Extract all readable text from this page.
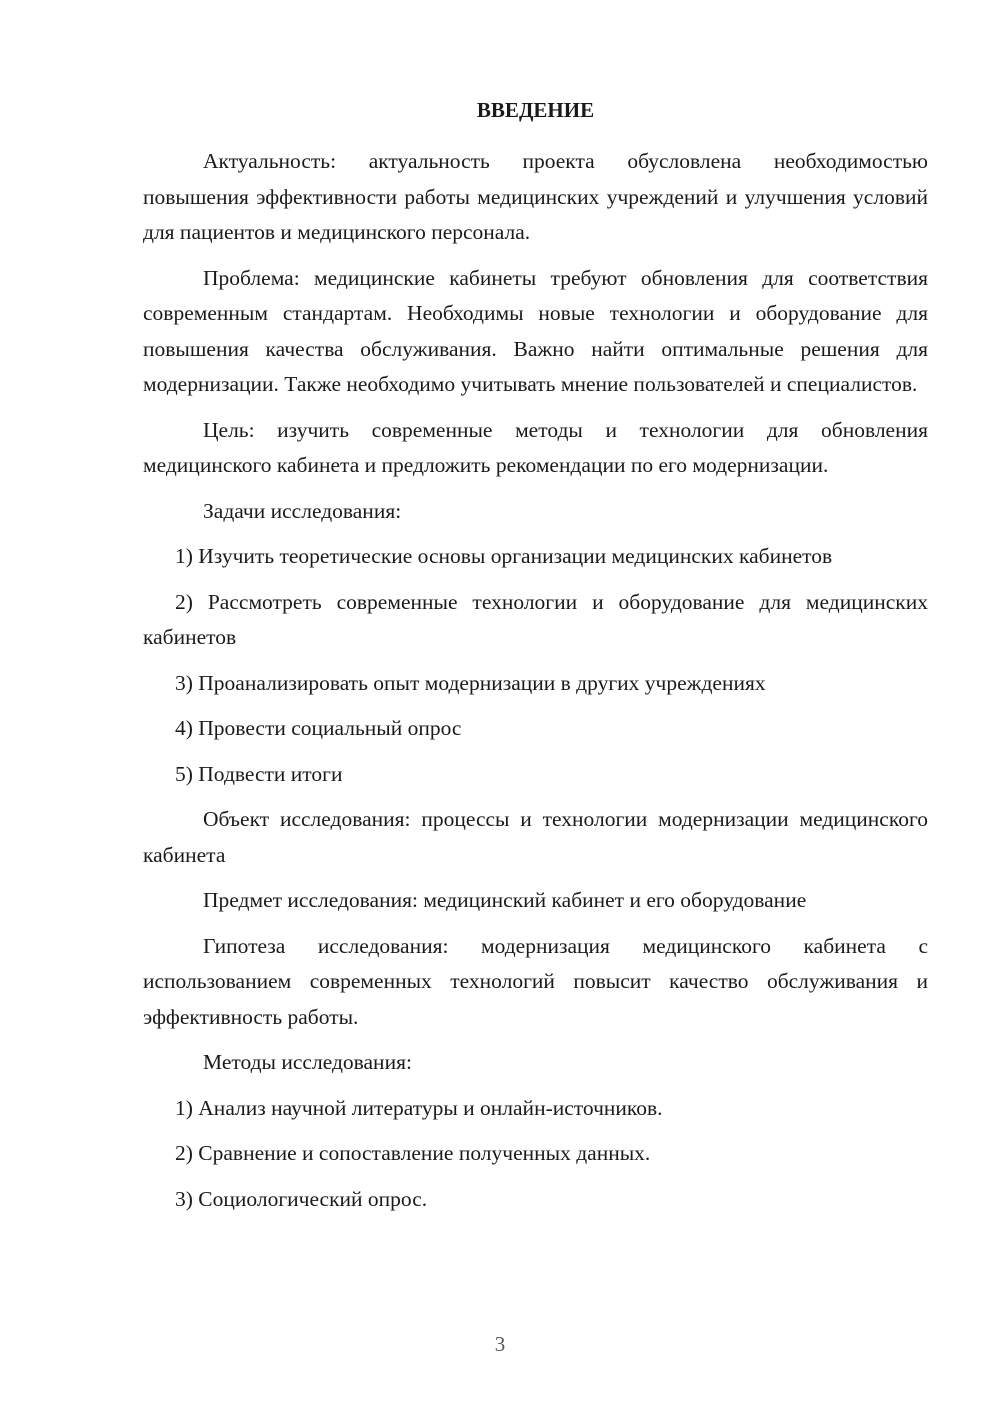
ВВЕДЕНИЕ

Актуальность: актуальность проекта обусловлена необходимостью повышения эффективности работы медицинских учреждений и улучшения условий для пациентов и медицинского персонала.

Проблема: медицинские кабинеты требуют обновления для соответствия современным стандартам. Необходимы новые технологии и оборудование для повышения качества обслуживания. Важно найти оптимальные решения для модернизации. Также необходимо учитывать мнение пользователей и специалистов.

Цель: изучить современные методы и технологии для обновления медицинского кабинета и предложить рекомендации по его модернизации.

Задачи исследования:

1) Изучить теоретические основы организации медицинских кабинетов

2) Рассмотреть современные технологии и оборудование для медицинских кабинетов

3) Проанализировать опыт модернизации в других учреждениях

4) Провести социальный опрос

5) Подвести итоги

Объект исследования: процессы и технологии модернизации медицинского кабинета

Предмет исследования: медицинский кабинет и его оборудование

Гипотеза исследования: модернизация медицинского кабинета с использованием современных технологий повысит качество обслуживания и эффективность работы.

Методы исследования:

1) Анализ научной литературы и онлайн-источников.

2) Сравнение и сопоставление полученных данных.

3) Социологический опрос.

3
